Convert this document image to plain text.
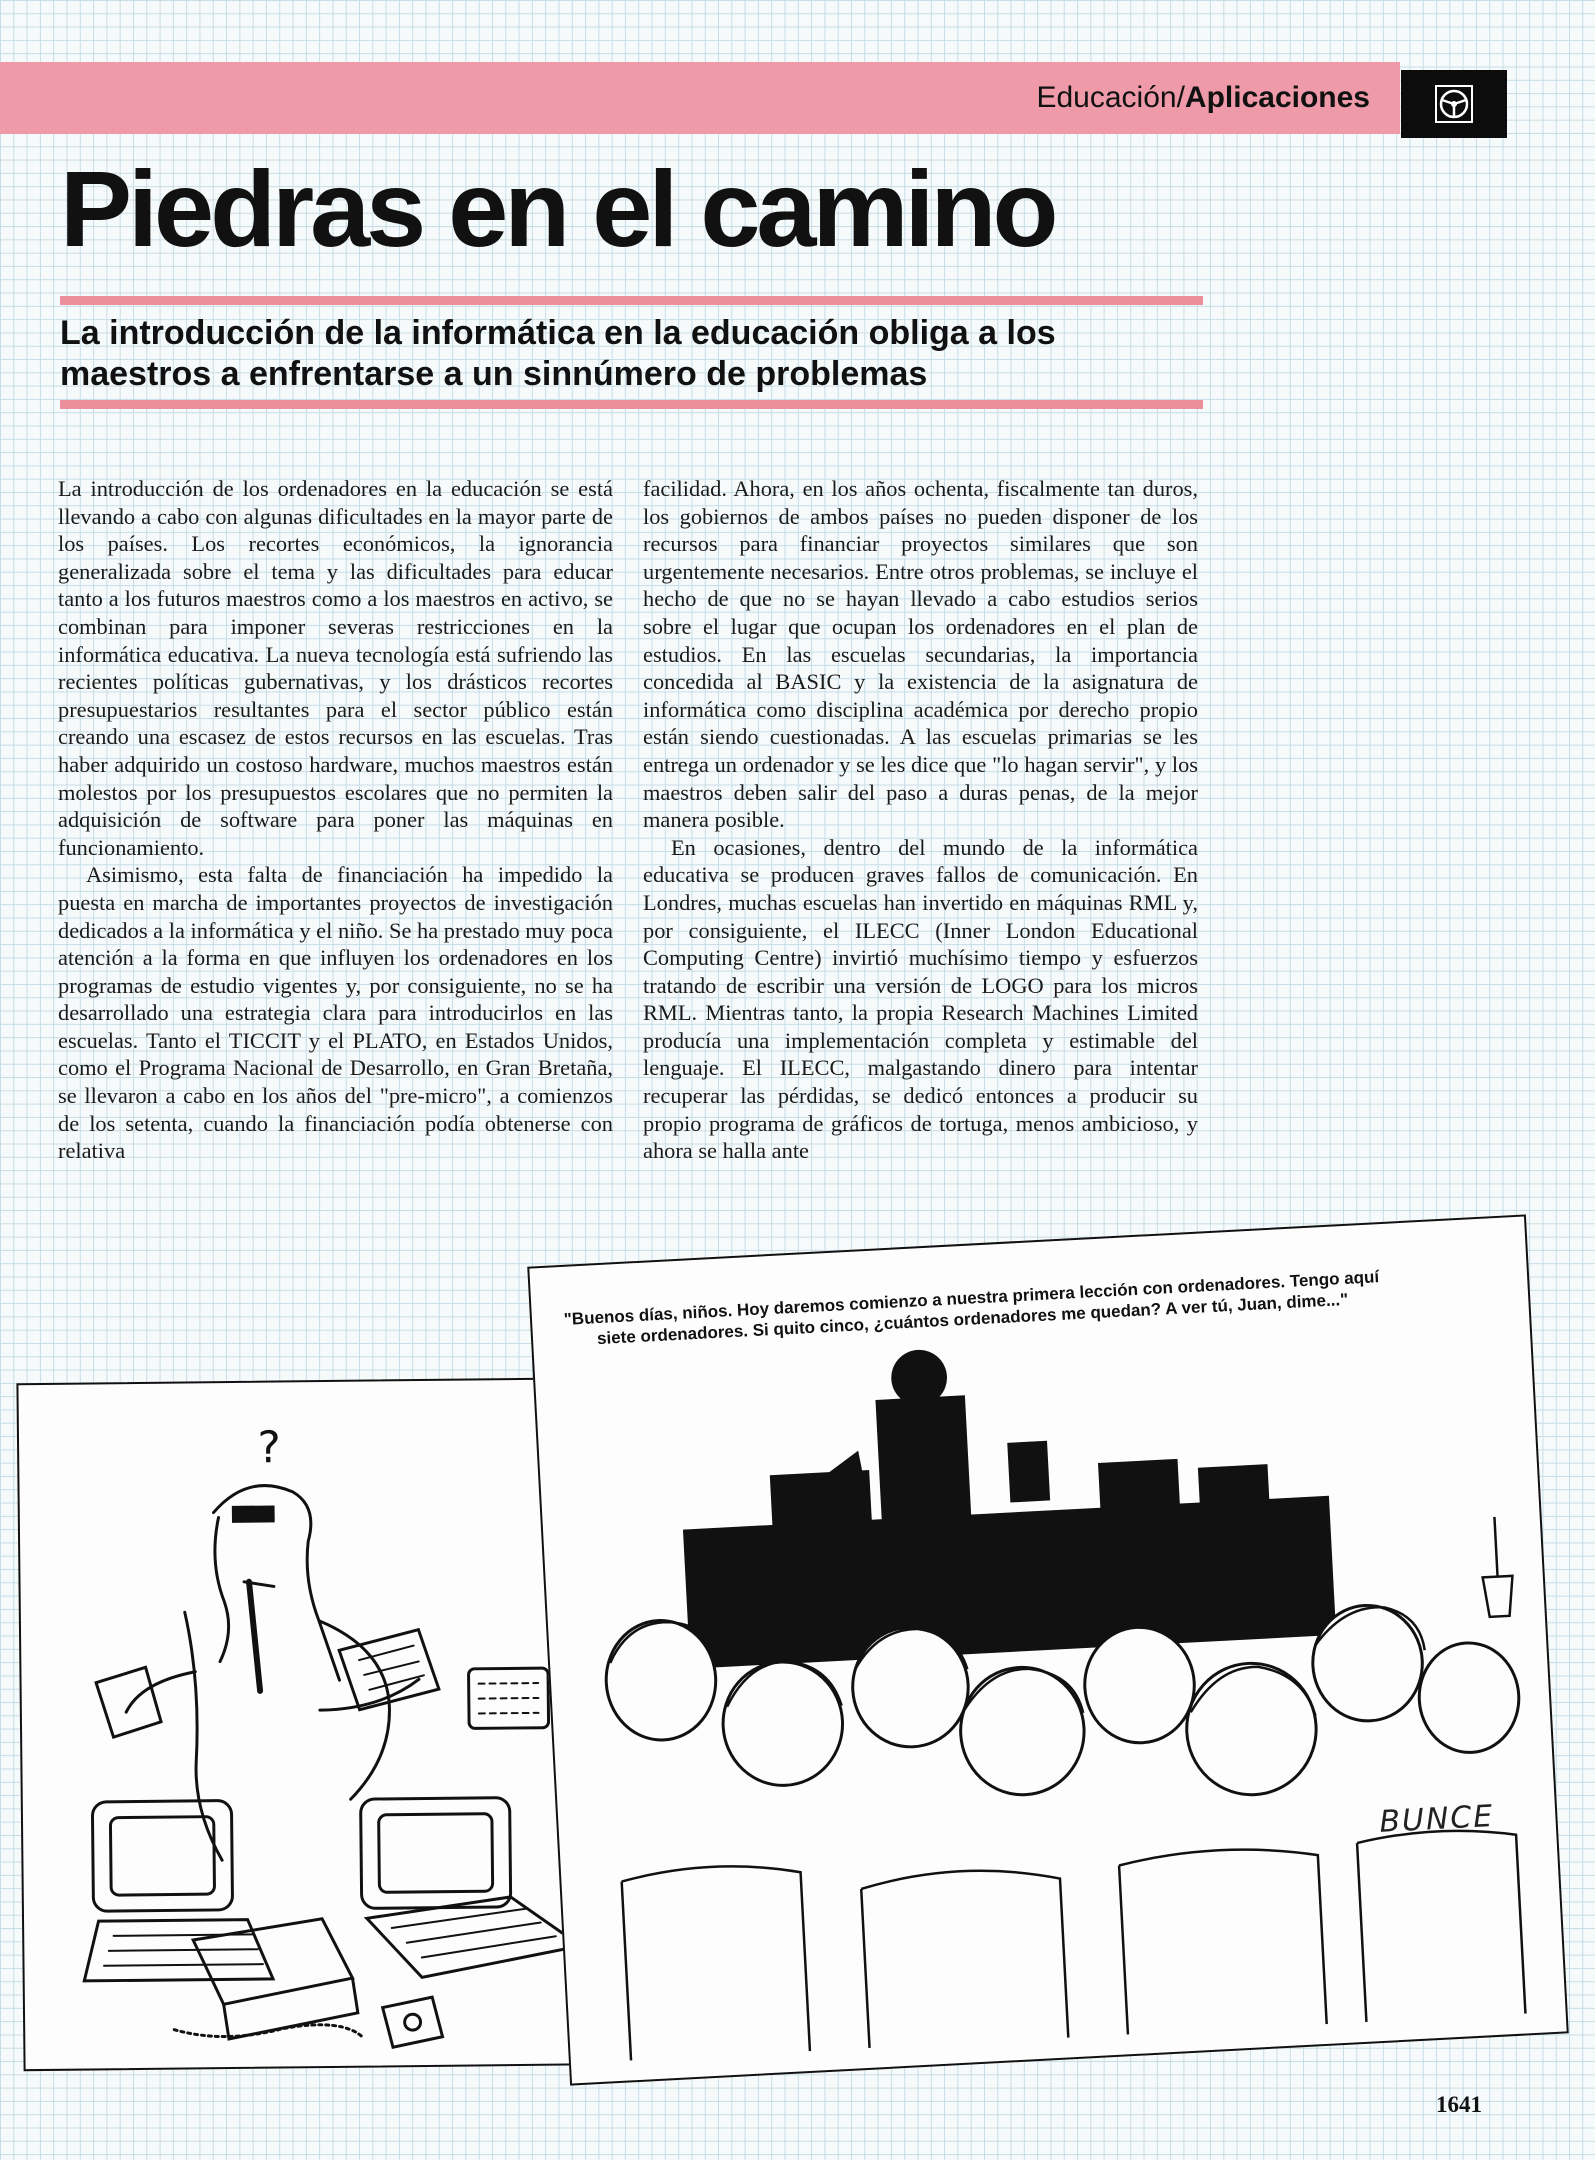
Educación/Aplicaciones
Piedras en el camino
La introducción de la informática en la educación obliga a los maestros a enfrentarse a un sinnúmero de problemas

La introducción de los ordenadores en la educación se está llevando a cabo con algunas dificultades en la mayor parte de los países. Los recortes económicos, la ignorancia generalizada sobre el tema y las dificultades para educar tanto a los futuros maestros como a los maestros en activo, se combinan para imponer severas restricciones en la informática educativa. La nueva tecnología está sufriendo las recientes políticas gubernativas, y los drásticos recortes presupuestarios resultantes para el sector público están creando una escasez de estos recursos en las escuelas. Tras haber adquirido un costoso hardware, muchos maestros están molestos por los presupuestos escolares que no permiten la adquisición de software para poner las máquinas en funcionamiento.

Asimismo, esta falta de financiación ha impedido la puesta en marcha de importantes proyectos de investigación dedicados a la informática y el niño. Se ha prestado muy poca atención a la forma en que influyen los ordenadores en los programas de estudio vigentes y, por consiguiente, no se ha desarrollado una estrategia clara para introducirlos en las escuelas. Tanto el TICCIT y el PLATO, en Estados Unidos, como el Programa Nacional de Desarrollo, en Gran Bretaña, se llevaron a cabo en los años del "pre-micro", a comienzos de los setenta, cuando la financiación podía obtenerse con relativa

facilidad. Ahora, en los años ochenta, fiscalmente tan duros, los gobiernos de ambos países no pueden disponer de los recursos para financiar proyectos similares que son urgentemente necesarios. Entre otros problemas, se incluye el hecho de que no se hayan llevado a cabo estudios serios sobre el lugar que ocupan los ordenadores en el plan de estudios. En las escuelas secundarias, la importancia concedida al BASIC y la existencia de la asignatura de informática como disciplina académica por derecho propio están siendo cuestionadas. A las escuelas primarias se les entrega un ordenador y se les dice que "lo hagan servir", y los maestros deben salir del paso a duras penas, de la mejor manera posible.

En ocasiones, dentro del mundo de la informática educativa se producen graves fallos de comunicación. En Londres, muchas escuelas han invertido en máquinas RML y, por consiguiente, el ILECC (Inner London Educational Computing Centre) invirtió muchísimo tiempo y esfuerzos tratando de escribir una versión de LOGO para los micros RML. Mientras tanto, la propia Research Machines Limited producía una implementación completa y estimable del lenguaje. El ILECC, malgastando dinero para intentar recuperar las pérdidas, se dedicó entonces a producir su propio programa de gráficos de tortuga, menos ambicioso, y ahora se halla ante

?
"Buenos días, niños. Hoy daremos comienzo a nuestra primera lección con ordenadores. Tengo aquí siete ordenadores. Si quito cinco, ¿cuántos ordenadores me quedan? A ver tú, Juan, dime..."
BUNCE
1641
